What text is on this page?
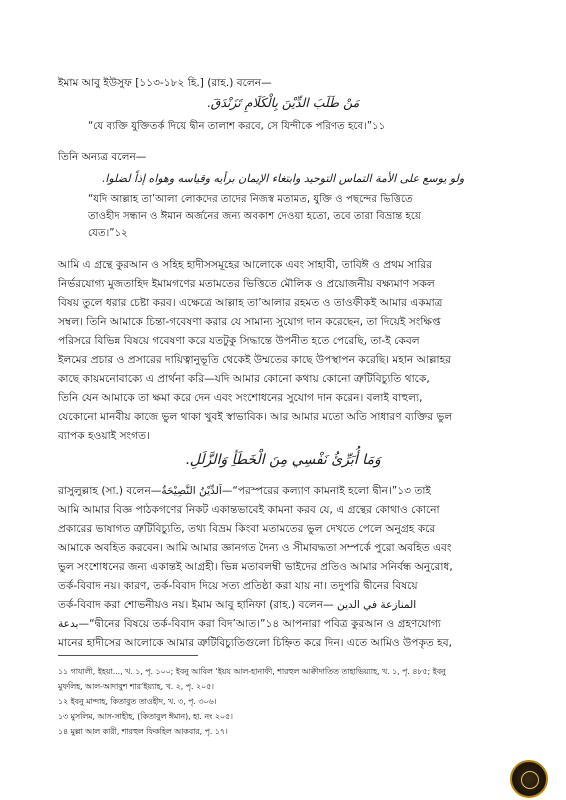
ইমাম আবু ইউসুফ [১১৩-১৮২ হি.] (রাহ.) বলেন—
مَنْ طَلَبَ الدِّيْنَ بِالْكَلَامِ تَزَنْدَقَ.
“যে ব্যক্তি যুক্তিতর্ক দিয়ে দ্বীন তালাশ করবে, সে যিন্দীকে পরিণত হবে।”১১
তিনি অন্যত্র বলেন—
ولو يوسع على الأمة التماس التوحيد وابتغاء الإيمان برأيه وقياسه وهواه إذاً لضلوا.
“যদি আল্লাহ তা’আলা লোকদের তাদের নিজস্ব মতামত, যুক্তি ও পছন্দের ভিত্তিতে
তাওহীদ সন্ধান ও ঈমান অর্জনের জন্য অবকাশ দেওয়া হতো, তবে তারা বিভ্রান্ত হয়ে
যেত।”১২
আমি এ গ্রন্থে কুরআন ও সহিহ হাদীসসমূহের আলোকে এবং সাহাবী, তাবিঈ ও প্রথম সারির
নির্ভরযোগ্য মুজতাহিদ ইমামগণের মতামতের ভিত্তিতে মৌলিক ও প্রয়োজনীয় বক্ষ্যমাণ সকল
বিষয় তুলে ধরার চেষ্টা করব। এক্ষেত্রে আল্লাহ তা’আলার রহমত ও তাওফীকই আমার একমাত্র
সম্বল। তিনি আমাকে চিন্তা-গবেষণা করার যে সামান্য সুযোগ দান করেছেন, তা দিয়েই সংক্ষিপ্ত
পরিসরে বিভিন্ন বিষয়ে গবেষণা করে যতটুকু সিদ্ধান্তে উপনীত হতে পেরেছি, তা-ই কেবল
ইলমের প্রচার ও প্রসারের দায়িত্বানুভূতি থেকেই উম্মতের কাছে উপস্থাপন করেছি। মহান আল্লাহর
কাছে কায়মনোবাক্যে এ প্রার্থনা করি—যদি আমার কোনো কথায় কোনো ত্রুটিবিচ্যুতি থাকে,
তিনি যেন আমাকে তা ক্ষমা করে দেন এবং সংশোধনের সুযোগ দান করেন। বলাই বাহুল্য,
যেকোনো মানবীয় কাজে ভুল থাকা খুবই স্বাভাবিক। আর আমার মতো অতি সাধারণ ব্যক্তির ভুল
ব্যাপক হওয়াই সংগত।
وَمَا أُبَرِّئُ نَفْسِي مِنَ الْخَطَأِ وَالزَّلَلِ.
রাসুলুল্লাহ (সা.) বলেন—اَلدِّيْنُ النَّصِيْحَةُ—“পরস্পরের কল্যাণ কামনাই হলো দ্বীন।”১৩ তাই
আমি আমার বিজ্ঞ পাঠকগণের নিকট একান্তভাবেই কামনা করব যে, এ গ্রন্থের কোথাও কোনো
প্রকারের ভাষাগত ত্রুটিবিচ্যুতি, তথ্য বিভ্রম কিংবা মতামতের ভুল দেখতে পেলে অনুগ্রহ করে
আমাকে অবহিত করবেন। আমি আমার জ্ঞানগত দৈন্য ও সীমাবদ্ধতা সম্পর্কে পুরো অবহিত এবং
ভুল সংশোধনের জন্য একান্তই আগ্রহী। ভিন্ন মতাবলম্বী ভাইদের প্রতিও আমার সনির্বন্ধ অনুরোধ,
তর্ক-বিবাদ নয়। কারণ, তর্ক-বিবাদ দিয়ে সত্য প্রতিষ্ঠা করা যায় না। তদুপরি দ্বীনের বিষয়ে
তর্ক-বিবাদ করা শোভনীয়ও নয়। ইমাম আবু হানিফা (রাহ.) বলেন— المنازعة في الدين
بدعة—“দ্বীনের বিষয়ে তর্ক-বিবাদ করা বিদ’আত।”১৪ আপনারা পবিত্র কুরআন ও গ্রহণযোগ্য
মানের হাদীসের আলোকে আমার ত্রুটিবিচ্যুতিগুলো চিহ্নিত করে দিন। এতে আমিও উপকৃত হব,
১১ গাযালী, ইহয়া..., খ. ১, পৃ. ১০০; ইবনু আবিল ‘ইয়য আল-হানাফী, শারহুল আক্বীদাতিত তাহাভিয়্যাহ, খ. ১, পৃ. ৪৮৫; ইবনু
মুফলিহ, আল-আদাবুশ শার‘ইয়্যাহ, খ. ২, পৃ. ২০৫।
১২ ইবনু মান্দাহ, কিতাবুত তাওহীদ, খ. ৩, পৃ. ৩০৬।
১৩ মুসলিম, আস-সাহীহ, (কিতাবুল ঈমান), হা. নং ২০৫।
১৪ মুল্লা আল কারী, শারহুল ফিকহিল আকবার, পৃ. ১৭।
